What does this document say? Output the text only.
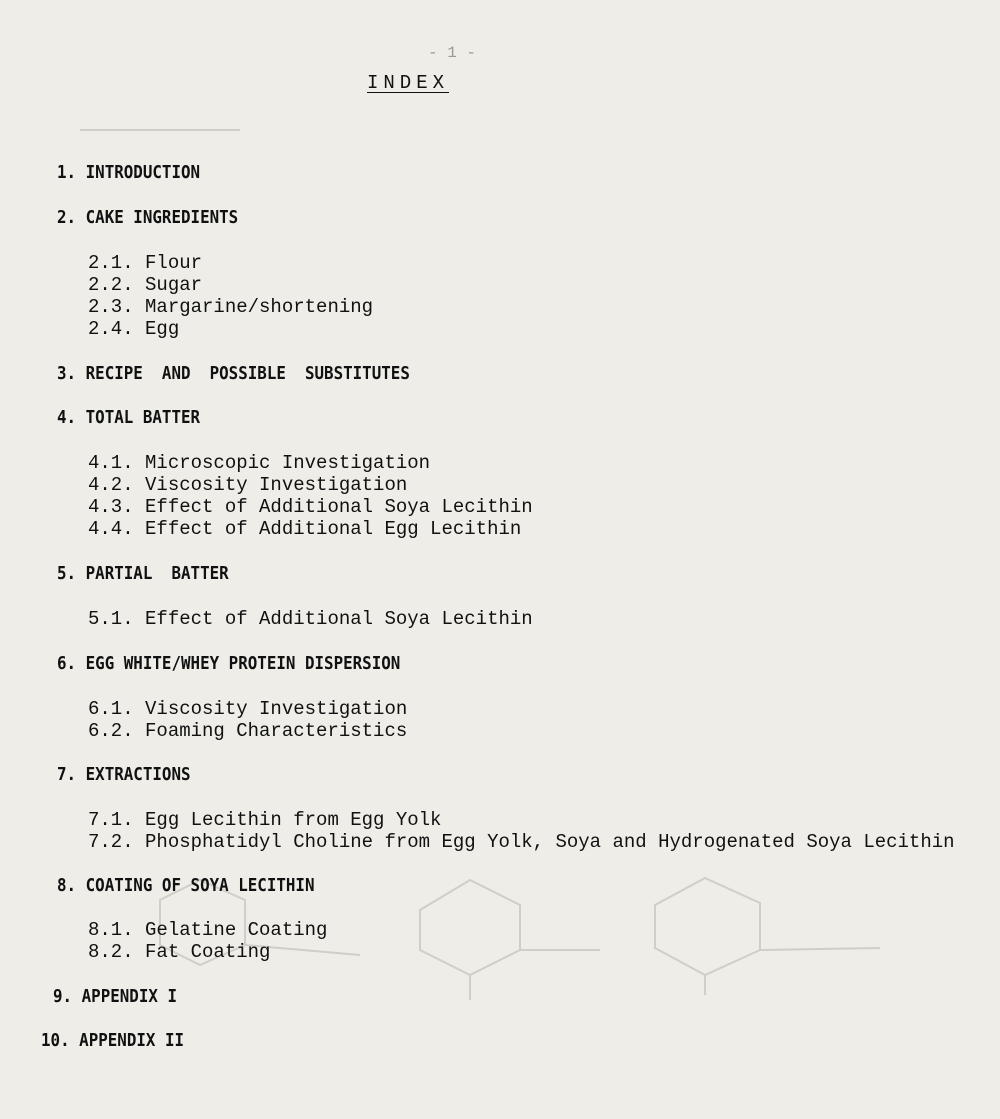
- 1 -
INDEX
1. INTRODUCTION
2. CAKE INGREDIENTS
2.1. Flour
2.2. Sugar
2.3. Margarine/shortening
2.4. Egg
3. RECIPE  AND  POSSIBLE  SUBSTITUTES
4. TOTAL BATTER
4.1. Microscopic Investigation
4.2. Viscosity Investigation
4.3. Effect of Additional Soya Lecithin
4.4. Effect of Additional Egg Lecithin
5. PARTIAL  BATTER
5.1. Effect of Additional Soya Lecithin
6. EGG WHITE/WHEY PROTEIN DISPERSION
6.1. Viscosity Investigation
6.2. Foaming Characteristics
7. EXTRACTIONS
7.1. Egg Lecithin from Egg Yolk
7.2. Phosphatidyl Choline from Egg Yolk, Soya and Hydrogenated Soya Lecithin
8. COATING OF SOYA LECITHIN
8.1. Gelatine Coating
8.2. Fat Coating
9. APPENDIX I
10. APPENDIX II
